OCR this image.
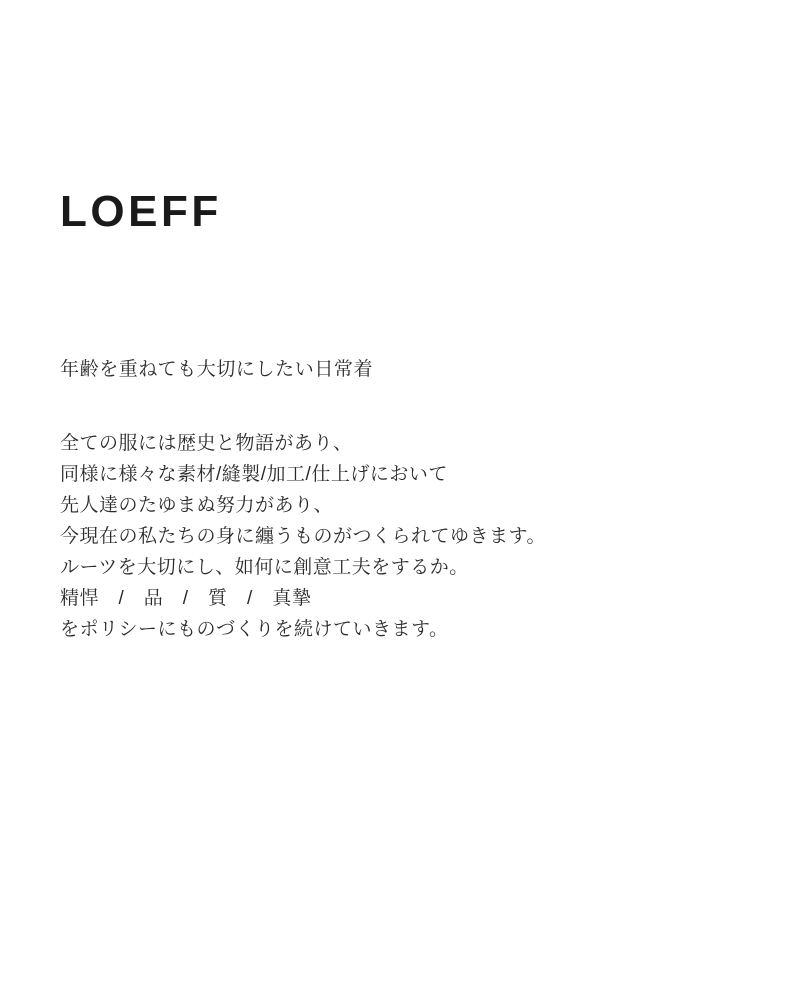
LOEFF
年齢を重ねても大切にしたい日常着
全ての服には歴史と物語があり、
同様に様々な素材/縫製/加工/仕上げにおいて
先人達のたゆまぬ努力があり、
今現在の私たちの身に纏うものがつくられてゆきます。
ルーツを大切にし、如何に創意工夫をするか。
精悍　/　品　/　質　/　真摯
をポリシーにものづくりを続けていきます。
